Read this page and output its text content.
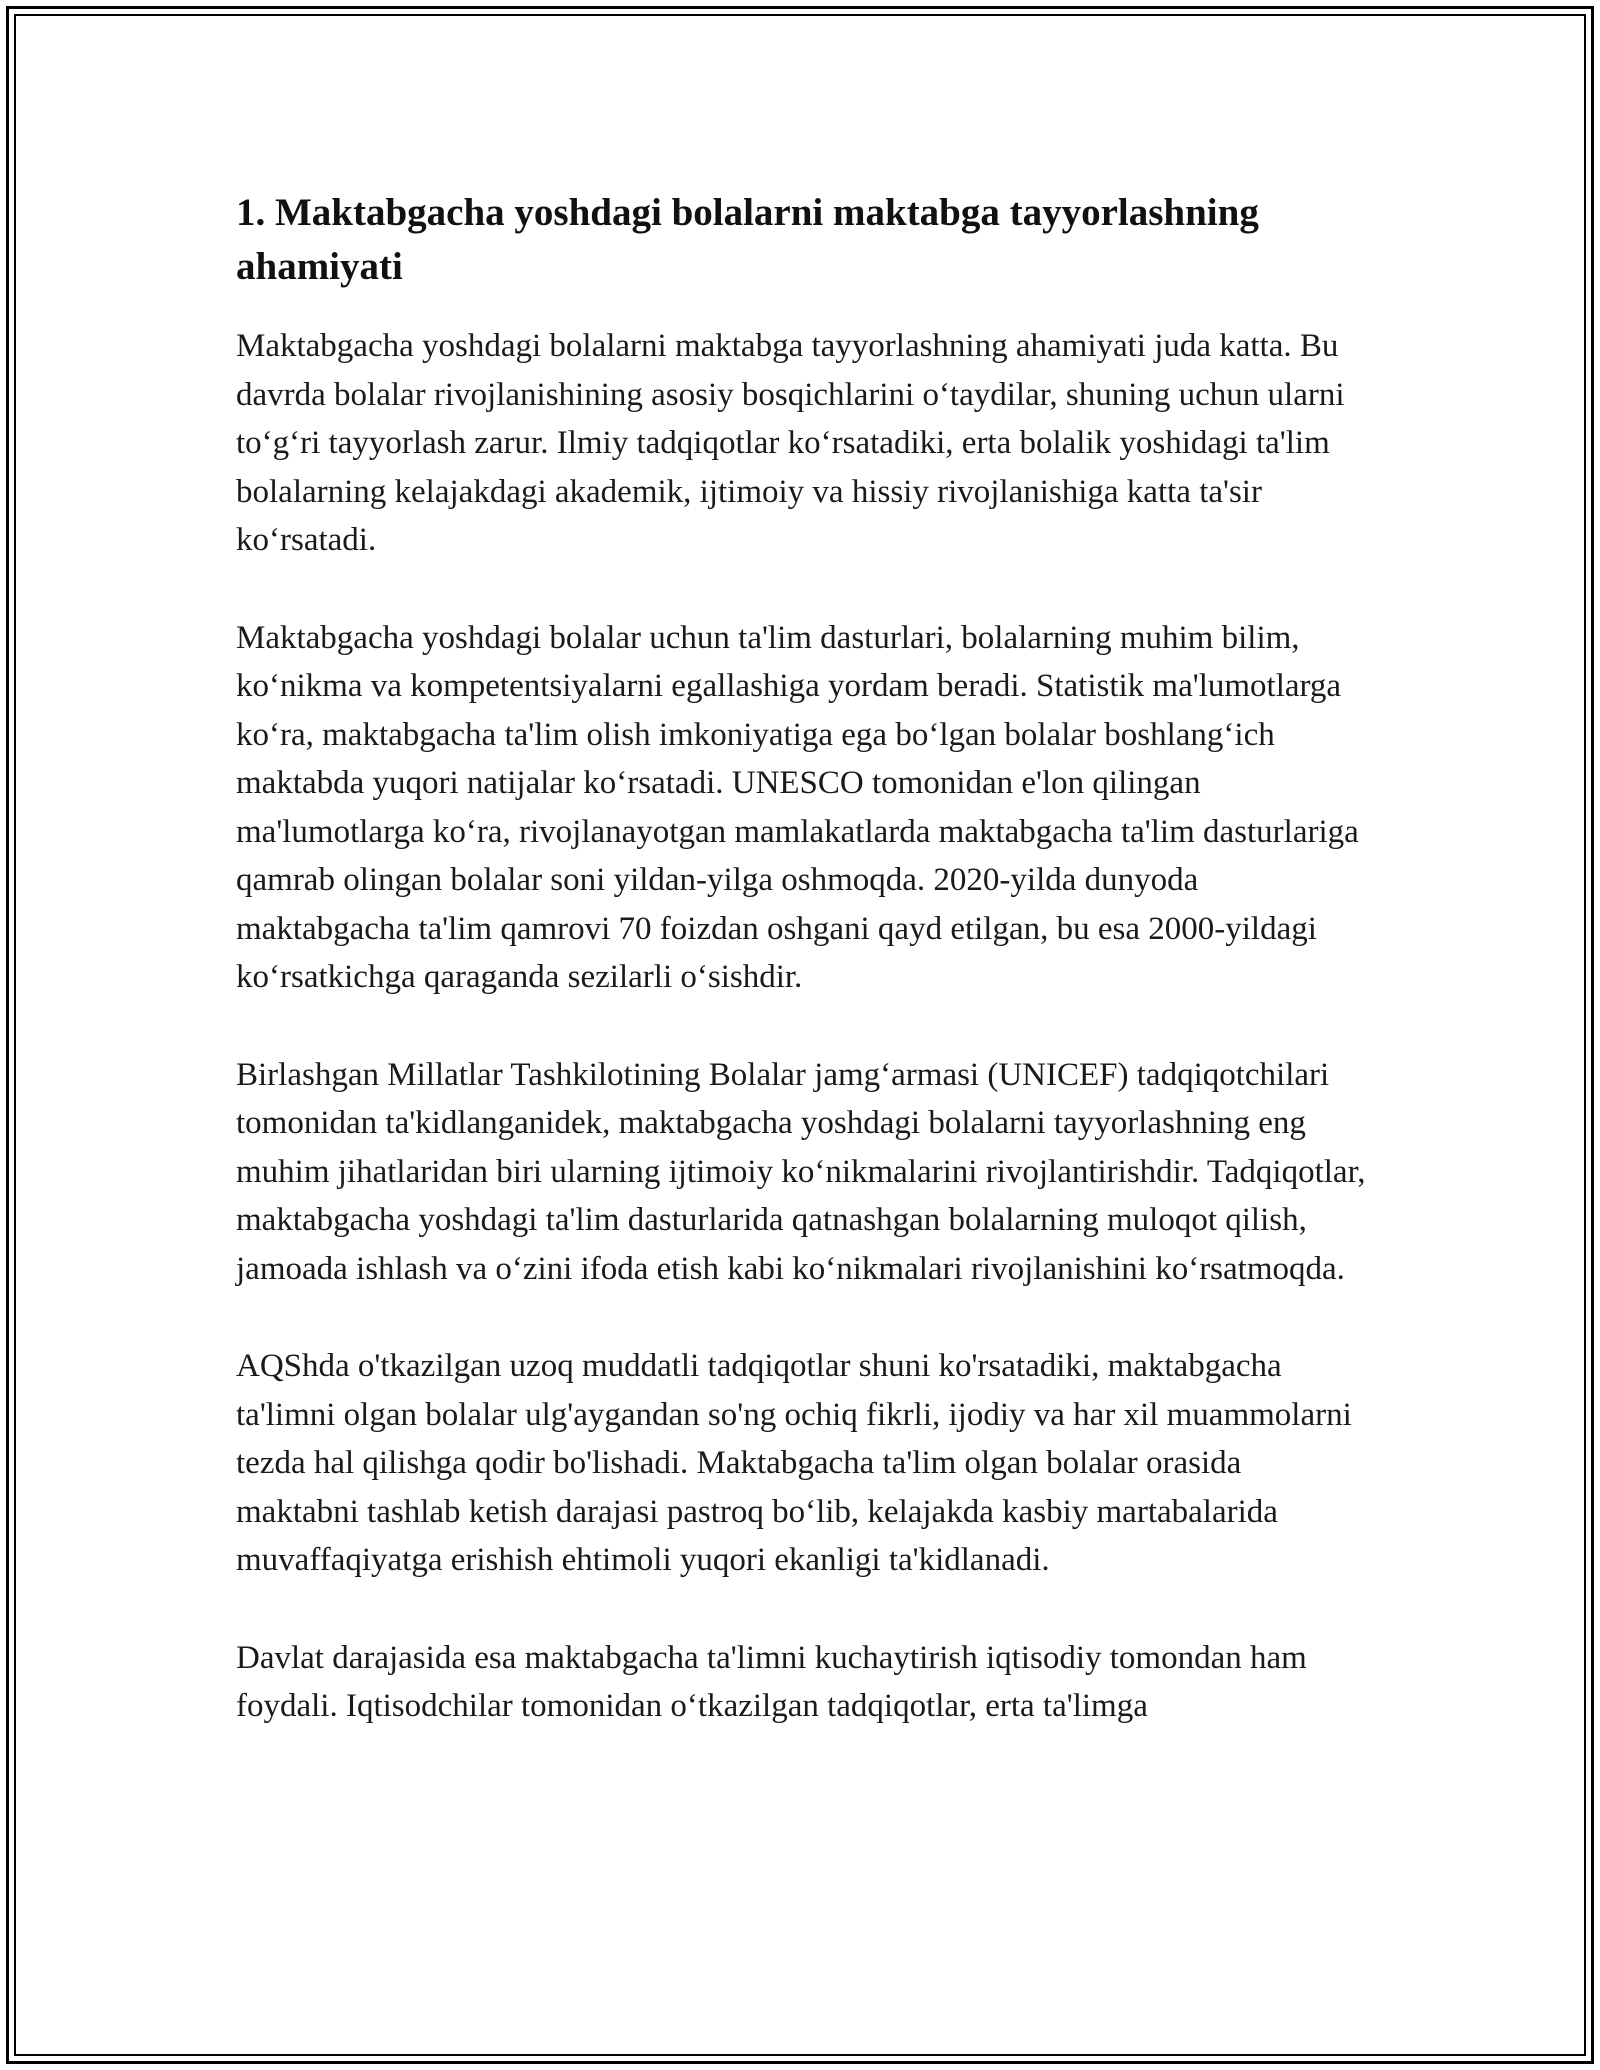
1. Maktabgacha yoshdagi bolalarni maktabga tayyorlashning ahamiyati

Maktabgacha yoshdagi bolalarni maktabga tayyorlashning ahamiyati juda katta. Bu davrda bolalar rivojlanishining asosiy bosqichlarini o‘taydilar, shuning uchun ularni to‘g‘ri tayyorlash zarur. Ilmiy tadqiqotlar ko‘rsatadiki, erta bolalik yoshidagi ta'lim bolalarning kelajakdagi akademik, ijtimoiy va hissiy rivojlanishiga katta ta'sir ko‘rsatadi.

Maktabgacha yoshdagi bolalar uchun ta'lim dasturlari, bolalarning muhim bilim, ko‘nikma va kompetentsiyalarni egallashiga yordam beradi. Statistik ma'lumotlarga ko‘ra, maktabgacha ta'lim olish imkoniyatiga ega bo‘lgan bolalar boshlang‘ich maktabda yuqori natijalar ko‘rsatadi. UNESCO tomonidan e'lon qilingan ma'lumotlarga ko‘ra, rivojlanayotgan mamlakatlarda maktabgacha ta'lim dasturlariga qamrab olingan bolalar soni yildan-yilga oshmoqda. 2020-yilda dunyoda maktabgacha ta'lim qamrovi 70 foizdan oshgani qayd etilgan, bu esa 2000-yildagi ko‘rsatkichga qaraganda sezilarli o‘sishdir.

Birlashgan Millatlar Tashkilotining Bolalar jamg‘armasi (UNICEF) tadqiqotchilari tomonidan ta'kidlanganidek, maktabgacha yoshdagi bolalarni tayyorlashning eng muhim jihatlaridan biri ularning ijtimoiy ko‘nikmalarini rivojlantirishdir. Tadqiqotlar, maktabgacha yoshdagi ta'lim dasturlarida qatnashgan bolalarning muloqot qilish, jamoada ishlash va o‘zini ifoda etish kabi ko‘nikmalari rivojlanishini ko‘rsatmoqda.

AQShda o'tkazilgan uzoq muddatli tadqiqotlar shuni ko'rsatadiki, maktabgacha ta'limni olgan bolalar ulg'aygandan so'ng ochiq fikrli, ijodiy va har xil muammolarni tezda hal qilishga qodir bo'lishadi. Maktabgacha ta'lim olgan bolalar orasida maktabni tashlab ketish darajasi pastroq bo‘lib, kelajakda kasbiy martabalarida muvaffaqiyatga erishish ehtimoli yuqori ekanligi ta'kidlanadi.

Davlat darajasida esa maktabgacha ta'limni kuchaytirish iqtisodiy tomondan ham foydali. Iqtisodchilar tomonidan o‘tkazilgan tadqiqotlar, erta ta'limga
